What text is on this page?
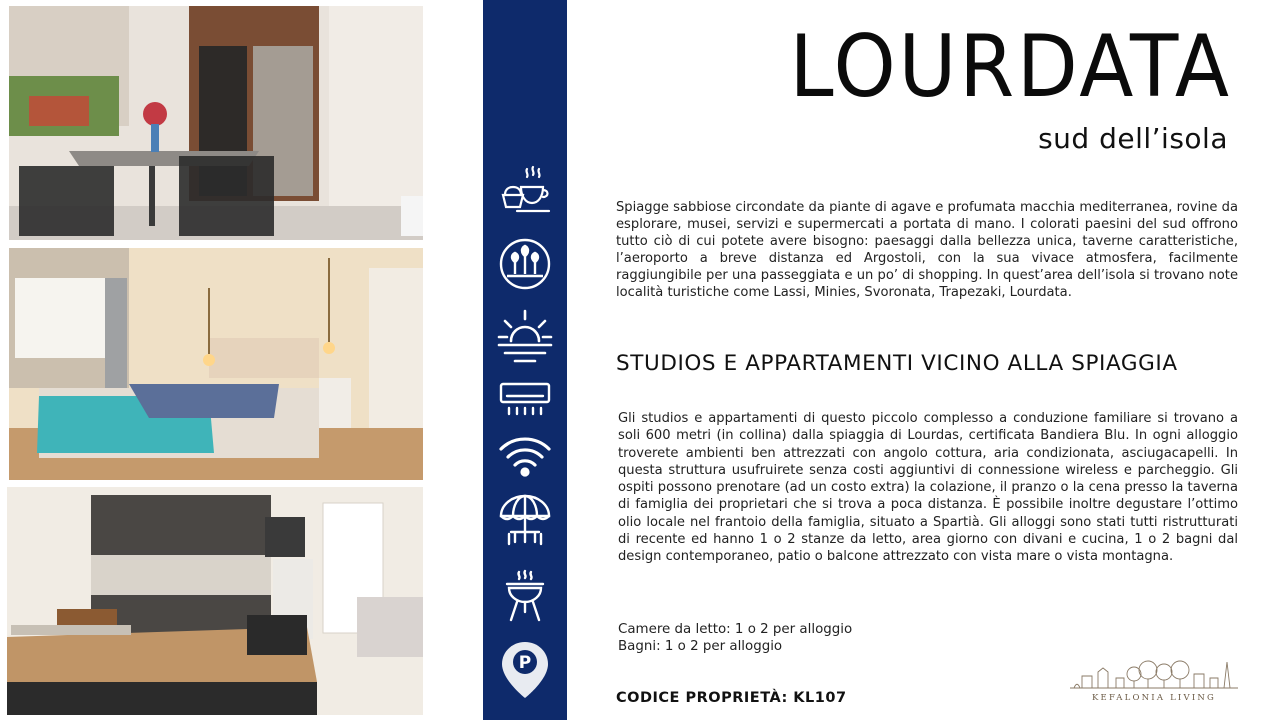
P
LOURDATA
sud dell’isola
Spiagge sabbiose circondate da piante di agave e profumata macchia mediterranea, rovine da esplorare, musei, servizi e supermercati a portata di mano. I colorati paesini del sud offrono tutto ciò di cui potete avere bisogno: paesaggi dalla bellezza unica, taverne caratteristiche, l’aeroporto a breve distanza ed Argostoli, con la sua vivace atmosfera, facilmente raggiungibile per una passeggiata e un po’ di shopping. In quest’area dell’isola si trovano note località turistiche come Lassi, Minies, Svoronata, Trapezaki, Lourdata.
STUDIOS E APPARTAMENTI VICINO ALLA SPIAGGIA
Gli studios e appartamenti di questo piccolo complesso a conduzione familiare si trovano a soli 600 metri (in collina) dalla spiaggia di Lourdas, certificata Bandiera Blu. In ogni alloggio troverete ambienti ben attrezzati con angolo cottura, aria condizionata, asciugacapelli. In questa struttura usufruirete senza costi aggiuntivi di connessione wireless e parcheggio. Gli ospiti possono prenotare (ad un costo extra) la colazione, il pranzo o la cena presso la taverna di famiglia dei proprietari che si trova a poca distanza. È possibile inoltre degustare l’ottimo olio locale nel frantoio della famiglia, situato a Spartià. Gli alloggi sono stati tutti ristrutturati di recente ed hanno 1 o 2 stanze da letto, area giorno con divani e cucina, 1 o 2 bagni dal design contemporaneo, patio o balcone attrezzato con vista mare o vista montagna.
Camere da letto: 1 o 2 per alloggio
Bagni: 1 o 2 per alloggio
CODICE PROPRIETÀ: KL107	KEFALONIA LIVING
